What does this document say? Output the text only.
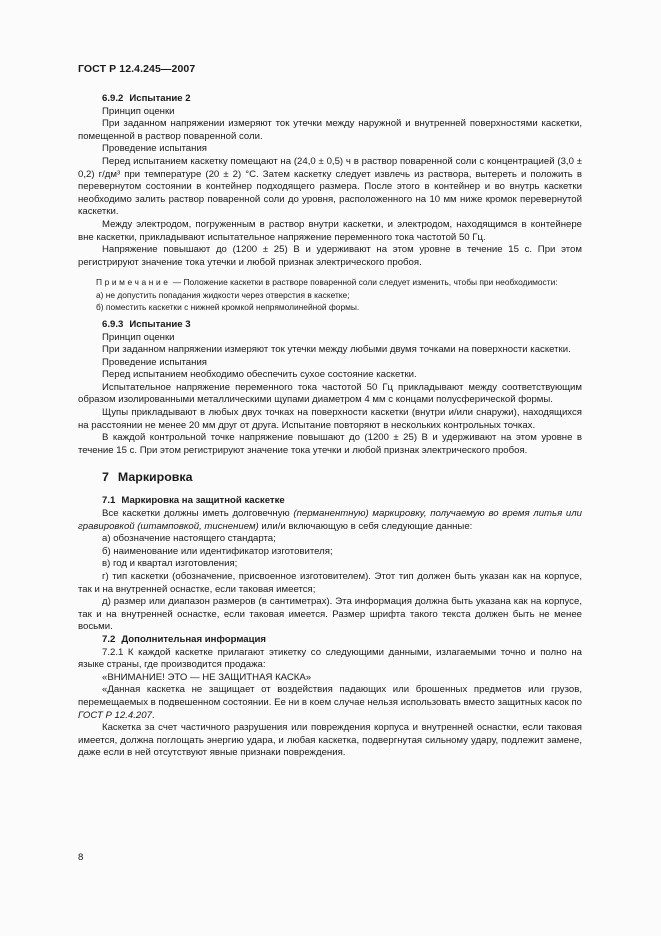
ГОСТ Р 12.4.245—2007
6.9.2 Испытание 2
Принцип оценки

При заданном напряжении измеряют ток утечки между наружной и внутренней поверхностями каскетки, помещенной в раствор поваренной соли.

Проведение испытания

Перед испытанием каскетку помещают на (24,0 ± 0,5) ч в раствор поваренной соли с концентрацией (3,0 ± 0,2) г/дм³ при температуре (20 ± 2) °С. Затем каскетку следует извлечь из раствора, вытереть и положить в перевернутом состоянии в контейнер подходящего размера. После этого в контейнер и во внутрь каскетки необходимо залить раствор поваренной соли до уровня, расположенного на 10 мм ниже кромок перевернутой каскетки.

Между электродом, погруженным в раствор внутри каскетки, и электродом, находящимся в контейнере вне каскетки, прикладывают испытательное напряжение переменного тока частотой 50 Гц.

Напряжение повышают до (1200 ± 25) В и удерживают на этом уровне в течение 15 с. При этом регистрируют значение тока утечки и любой признак электрического пробоя.

Примечание — Положение каскетки в растворе поваренной соли следует изменить, чтобы при необходимости:

а) не допустить попадания жидкости через отверстия в каскетке;
б) поместить каскетки с нижней кромкой непрямолинейной формы.
6.9.3 Испытание 3
Принцип оценки

При заданном напряжении измеряют ток утечки между любыми двумя точками на поверхности каскетки.

Проведение испытания

Перед испытанием необходимо обеспечить сухое состояние каскетки.

Испытательное напряжение переменного тока частотой 50 Гц прикладывают между соответствующим образом изолированными металлическими щупами диаметром 4 мм с концами полусферической формы.

Щупы прикладывают в любых двух точках на поверхности каскетки (внутри и/или снаружи), находящихся на расстоянии не менее 20 мм друг от друга. Испытание повторяют в нескольких контрольных точках.

В каждой контрольной точке напряжение повышают до (1200 ± 25) В и удерживают на этом уровне в течение 15 с. При этом регистрируют значение тока утечки и любой признак электрического пробоя.

7 Маркировка
7.1 Маркировка на защитной каскетке

Все каскетки должны иметь долговечную (перманентную) маркировку, получаемую во время литья или гравировкой (штамповкой, тиснением) или/и включающую в себя следующие данные:

а) обозначение настоящего стандарта;

б) наименование или идентификатор изготовителя;

в) год и квартал изготовления;

г) тип каскетки (обозначение, присвоенное изготовителем). Этот тип должен быть указан как на корпусе, так и на внутренней оснастке, если таковая имеется;

д) размер или диапазон размеров (в сантиметрах). Эта информация должна быть указана как на корпусе, так и на внутренней оснастке, если таковая имеется. Размер шрифта такого текста должен быть не менее восьми.

7.2 Дополнительная информация

7.2.1 К каждой каскетке прилагают этикетку со следующими данными, излагаемыми точно и полно на языке страны, где производится продажа:

«ВНИМАНИЕ! ЭТО — НЕ ЗАЩИТНАЯ КАСКА»

«Данная каскетка не защищает от воздействия падающих или брошенных предметов или грузов, перемещаемых в подвешенном состоянии. Ее ни в коем случае нельзя использовать вместо защитных касок по ГОСТ Р 12.4.207.

Каскетка за счет частичного разрушения или повреждения корпуса и внутренней оснастки, если таковая имеется, должна поглощать энергию удара, и любая каскетка, подвергнутая сильному удару, подлежит замене, даже если в ней отсутствуют явные признаки повреждения.

8
